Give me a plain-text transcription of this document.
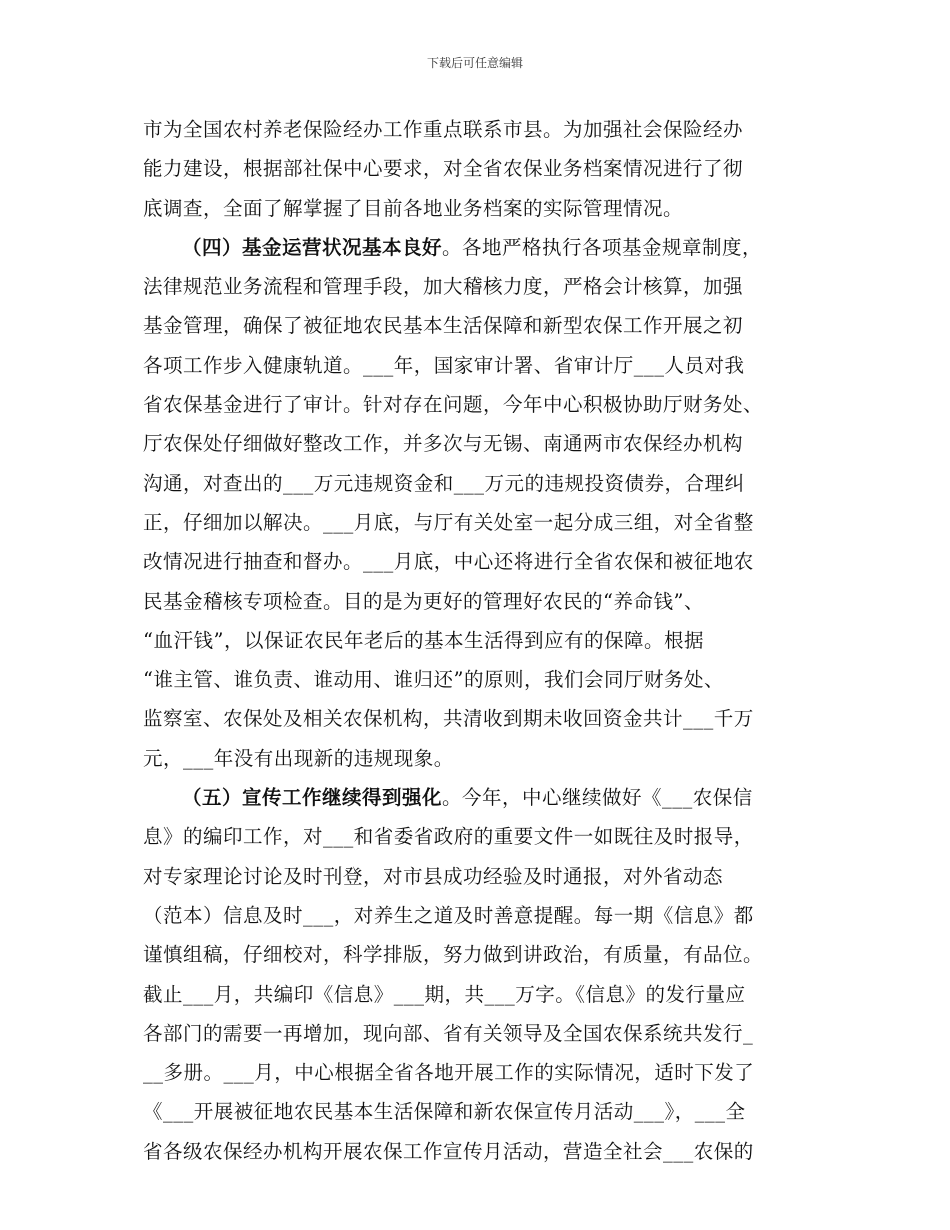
下载后可任意编辑
市为全国农村养老保险经办工作重点联系市县。为加强社会保险经办
能力建设，根据部社保中心要求，对全省农保业务档案情况进行了彻
底调查，全面了解掌握了目前各地业务档案的实际管理情况。
（四）基金运营状况基本良好。各地严格执行各项基金规章制度，
法律规范业务流程和管理手段，加大稽核力度，严格会计核算，加强
基金管理，确保了被征地农民基本生活保障和新型农保工作开展之初
各项工作步入健康轨道。___年，国家审计署、省审计厅___人员对我
省农保基金进行了审计。针对存在问题，今年中心积极协助厅财务处、
厅农保处仔细做好整改工作，并多次与无锡、南通两市农保经办机构
沟通，对查出的___万元违规资金和___万元的违规投资债券，合理纠
正，仔细加以解决。___月底，与厅有关处室一起分成三组，对全省整
改情况进行抽查和督办。___月底，中心还将进行全省农保和被征地农
民基金稽核专项检查。目的是为更好的管理好农民的“养命钱”、
“血汗钱”，以保证农民年老后的基本生活得到应有的保障。根据
“谁主管、谁负责、谁动用、谁归还”的原则，我们会同厅财务处、
监察室、农保处及相关农保机构，共清收到期未收回资金共计___千万
元，___年没有出现新的违规现象。
（五）宣传工作继续得到强化。今年，中心继续做好《___农保信
息》的编印工作，对___和省委省政府的重要文件一如既往及时报导，
对专家理论讨论及时刊登，对市县成功经验及时通报，对外省动态
（范本）信息及时___，对养生之道及时善意提醒。每一期《信息》都
谨慎组稿，仔细校对，科学排版，努力做到讲政治，有质量，有品位。
截止___月，共编印《信息》___期，共___万字。《信息》的发行量应
各部门的需要一再增加，现向部、省有关领导及全国农保系统共发行_
__多册。___月，中心根据全省各地开展工作的实际情况，适时下发了
《___开展被征地农民基本生活保障和新农保宣传月活动___》，___全
省各级农保经办机构开展农保工作宣传月活动，营造全社会___农保的
